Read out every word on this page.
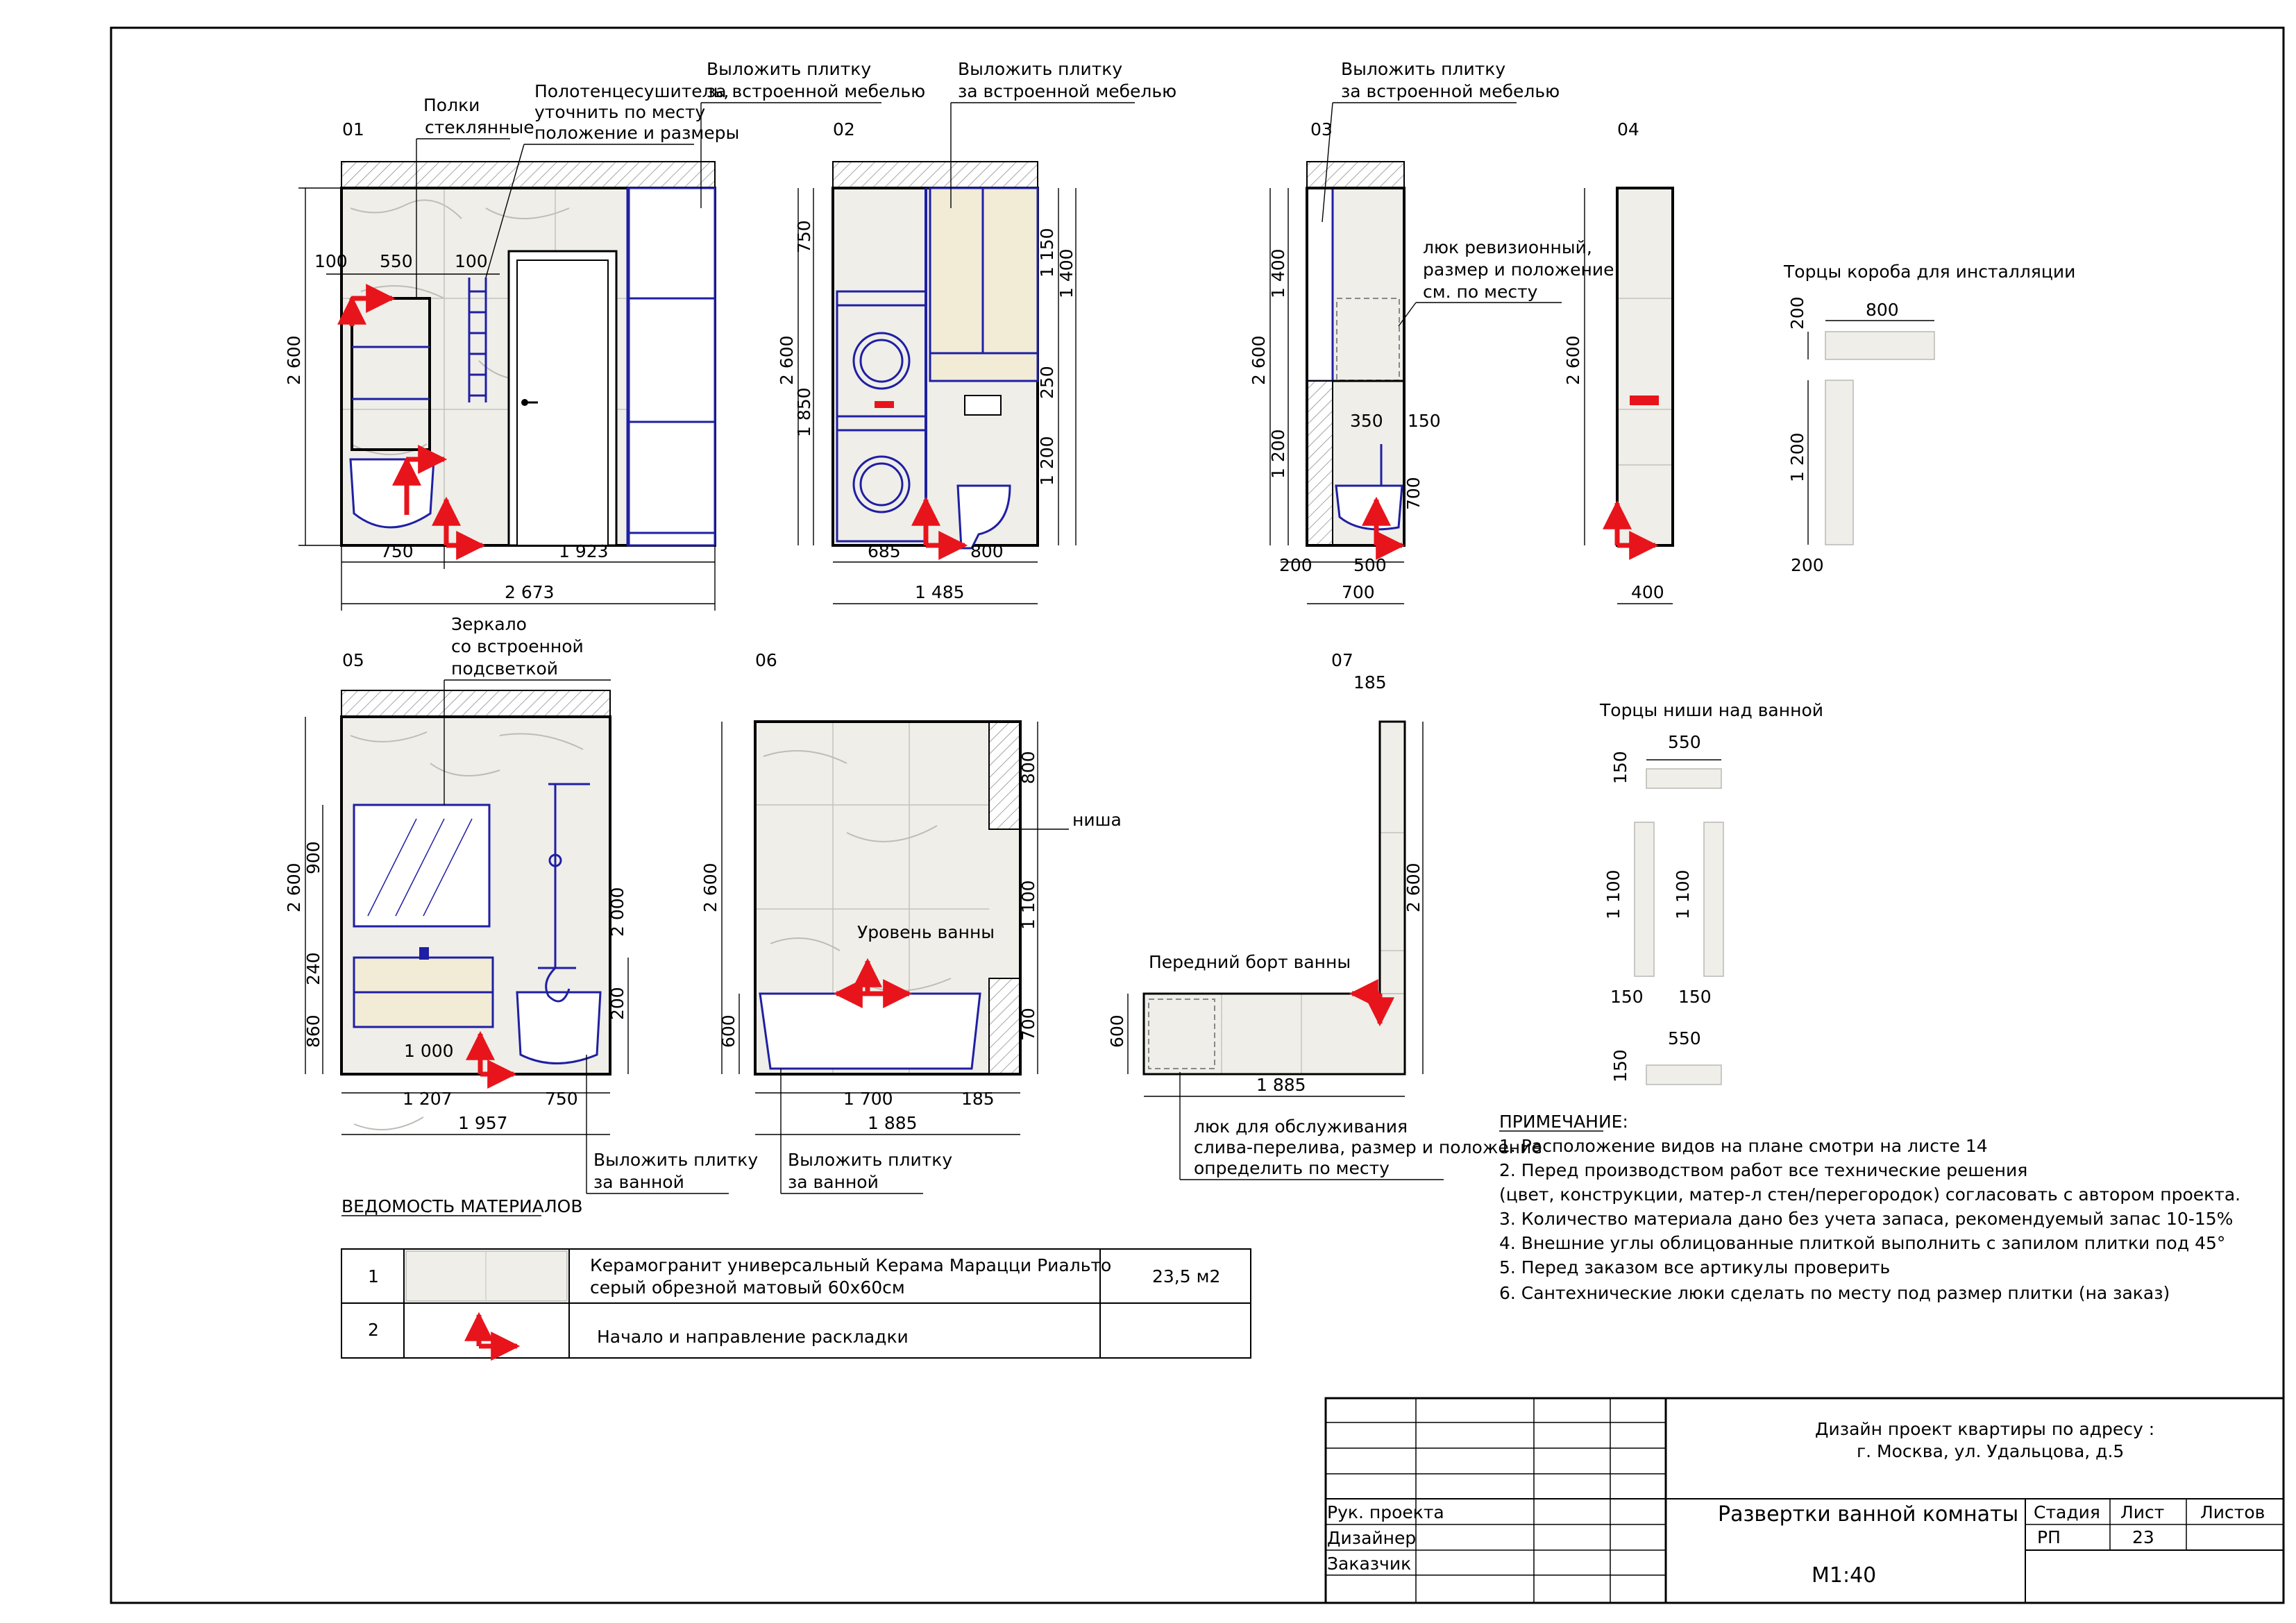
01
2 600
100 550 100
750	1 923
2 673
Полки
стеклянные
Полотенцесушитель,
уточнить по месту
положение и размеры
Выложить плитку
за встроенной мебелью
02
2 600
750
1 850
1 150
250
1 200
1 400
685	800
1 485
Выложить плитку
за встроенной мебелью
03
2 600
1 400
1 200
350 150
700
200 500
700
Выложить плитку
за встроенной мебелью
люк ревизионный,
размер и положение
см. по месту
04
2 600
400
Торцы короба для инсталляции
800
200
1 200
200
05
2 600
900
240
860
2 000
200
1 000
1 207	750
1 957
Зеркало
со встроенной
подсветкой
Выложить плитку
за ванной
06
2 600
600
800
1 100
700
ниша
Уровень ванны
1 700	185
1 885
Выложить плитку
за ванной
07
185
2 600
Передний борт ванны
600
1 885
люк для обслуживания
слива-перелива, размер и положение
определить по месту
Торцы ниши над ванной
550
150
1 100	1 100
150 150
550
150
ВЕДОМОСТЬ МАТЕРИАЛОВ
1
Керамогранит универсальный Керама Марацци Риальто
серый обрезной матовый 60х60см
23,5 м2
2	Начало и направление раскладки
ПРИМЕЧАНИЕ:
1. Расположение видов на плане смотри на листе 14
2. Перед производством работ все технические решения
(цвет, конструкции, матер-л стен/перегородок) согласовать с автором проекта.
3. Количество материала дано без учета запаса, рекомендуемый запас 10-15%
4. Внешние углы облицованные плиткой выполнить с запилом плитки под 45°
5. Перед заказом все артикулы проверить
6. Сантехнические люки сделать по месту под размер плитки (на заказ)
Дизайн проект квартиры по адресу :
г. Москва, ул. Удальцова, д.5
Развертки ванной комнаты
М1:40
Стадия Лист Листов
РП	23
Рук. проекта
Дизайнер
Заказчик
